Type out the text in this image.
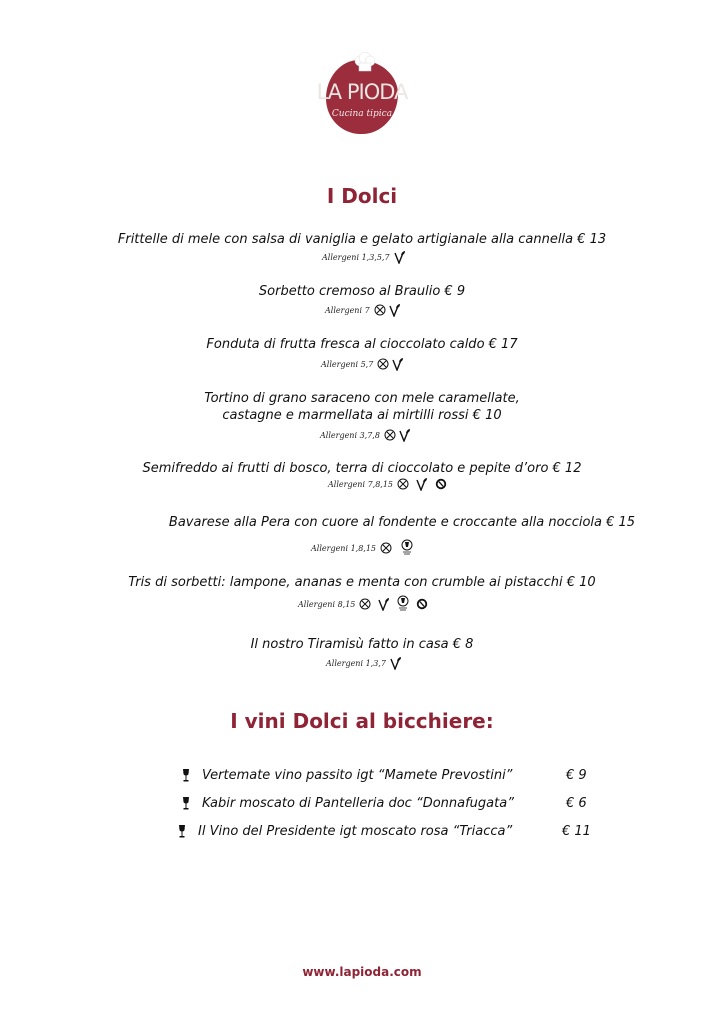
LA PIODA
Cucina tipica
I Dolci
Frittelle di mele con salsa di vaniglia e gelato artigianale alla cannella € 13
Allergeni 1,3,5,7
Sorbetto cremoso al Braulio € 9
Allergeni 7
Fonduta di frutta fresca al cioccolato caldo € 17
Allergeni 5,7
Tortino di grano saraceno con mele caramellate,
castagne e marmellata ai mirtilli rossi € 10
Allergeni 3,7,8
Semifreddo ai frutti di bosco, terra di cioccolato e pepite d’oro € 12
Allergeni 7,8,15
Bavarese alla Pera con cuore al fondente e croccante alla nocciola € 15
Allergeni 1,8,15
Tris di sorbetti: lampone, ananas e menta con crumble ai pistacchi € 10
Allergeni 8,15
Il nostro Tiramisù fatto in casa € 8
Allergeni 1,3,7
I vini Dolci al bicchiere:
Vertemate vino passito igt “Mamete Prevostini”	€ 9
Kabir moscato di Pantelleria doc “Donnafugata”	€ 6
Il Vino del Presidente igt moscato rosa “Triacca”	€ 11
www.lapioda.com
